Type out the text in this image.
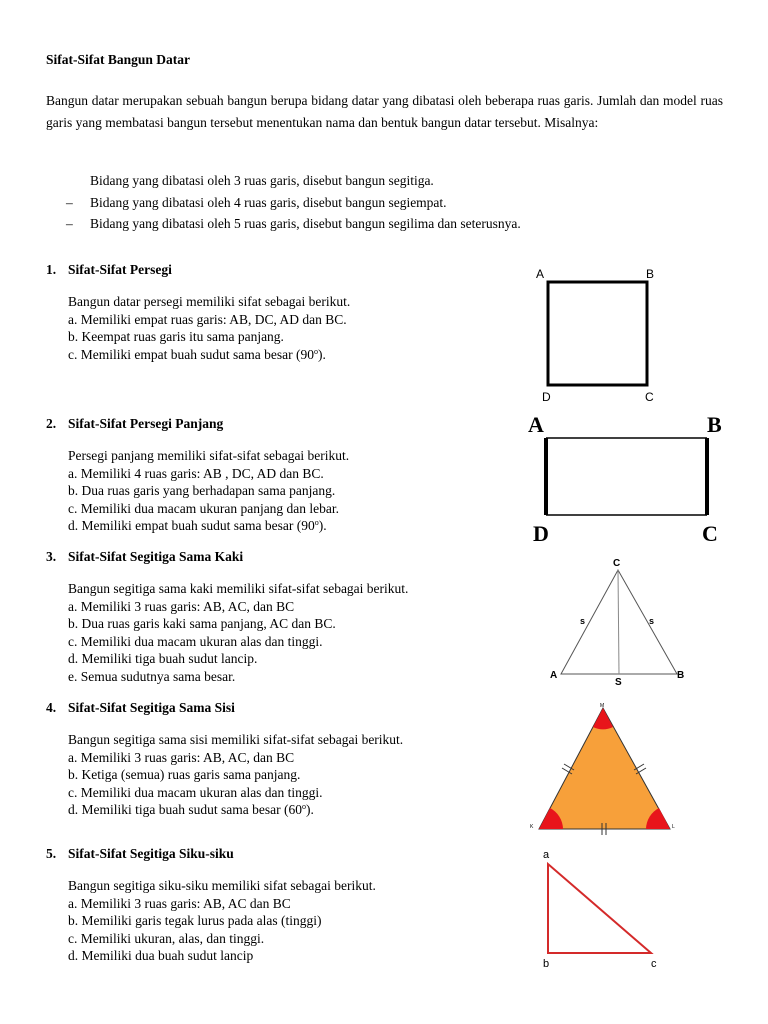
Sifat-Sifat Bangun Datar
Bangun datar merupakan sebuah bangun berupa bidang datar yang dibatasi oleh beberapa ruas garis. Jumlah dan model ruas garis yang membatasi bangun tersebut menentukan nama dan bentuk bangun datar tersebut. Misalnya:
Bidang yang dibatasi oleh 3 ruas garis, disebut bangun segitiga.
– Bidang yang dibatasi oleh 4 ruas garis, disebut bangun segiempat.
– Bidang yang dibatasi oleh 5 ruas garis, disebut bangun segilima dan seterusnya.
1. Sifat-Sifat Persegi
Bangun datar persegi memiliki sifat sebagai berikut.
a. Memiliki empat ruas garis: AB, DC, AD dan BC.
b. Keempat ruas garis itu sama panjang.
c. Memiliki empat buah sudut sama besar (90$^o$).
2. Sifat-Sifat Persegi Panjang
Persegi panjang memiliki sifat-sifat sebagai berikut.
a. Memiliki 4 ruas garis: AB , DC, AD dan BC.
b. Dua ruas garis yang berhadapan sama panjang.
c. Memiliki dua macam ukuran panjang dan lebar.
d. Memiliki empat buah sudut sama besar (90$^o$).
3. Sifat-Sifat Segitiga Sama Kaki
Bangun segitiga sama kaki memiliki sifat-sifat sebagai berikut.
a. Memiliki 3 ruas garis: AB, AC, dan BC
b. Dua ruas garis kaki sama panjang, AC dan BC.
c. Memiliki dua macam ukuran alas dan tinggi.
d. Memiliki tiga buah sudut lancip.
e. Semua sudutnya sama besar.
4. Sifat-Sifat Segitiga Sama Sisi
Bangun segitiga sama sisi memiliki sifat-sifat sebagai berikut.
a. Memiliki 3 ruas garis: AB, AC, dan BC
b. Ketiga (semua) ruas garis sama panjang.
c. Memiliki dua macam ukuran alas dan tinggi.
d. Memiliki tiga buah sudut sama besar (60$^o$).
5. Sifat-Sifat Segitiga Siku-siku
Bangun segitiga siku-siku memiliki sifat sebagai berikut.
a. Memiliki 3 ruas garis: AB, AC dan BC
b. Memiliki garis tegak lurus pada alas (tinggi)
c. Memiliki ukuran, alas, dan tinggi.
d. Memiliki dua buah sudut lancip
A	B
D	C
A	B
D	C
C
A	B
S
s	s
M
K	L
a
b	c
